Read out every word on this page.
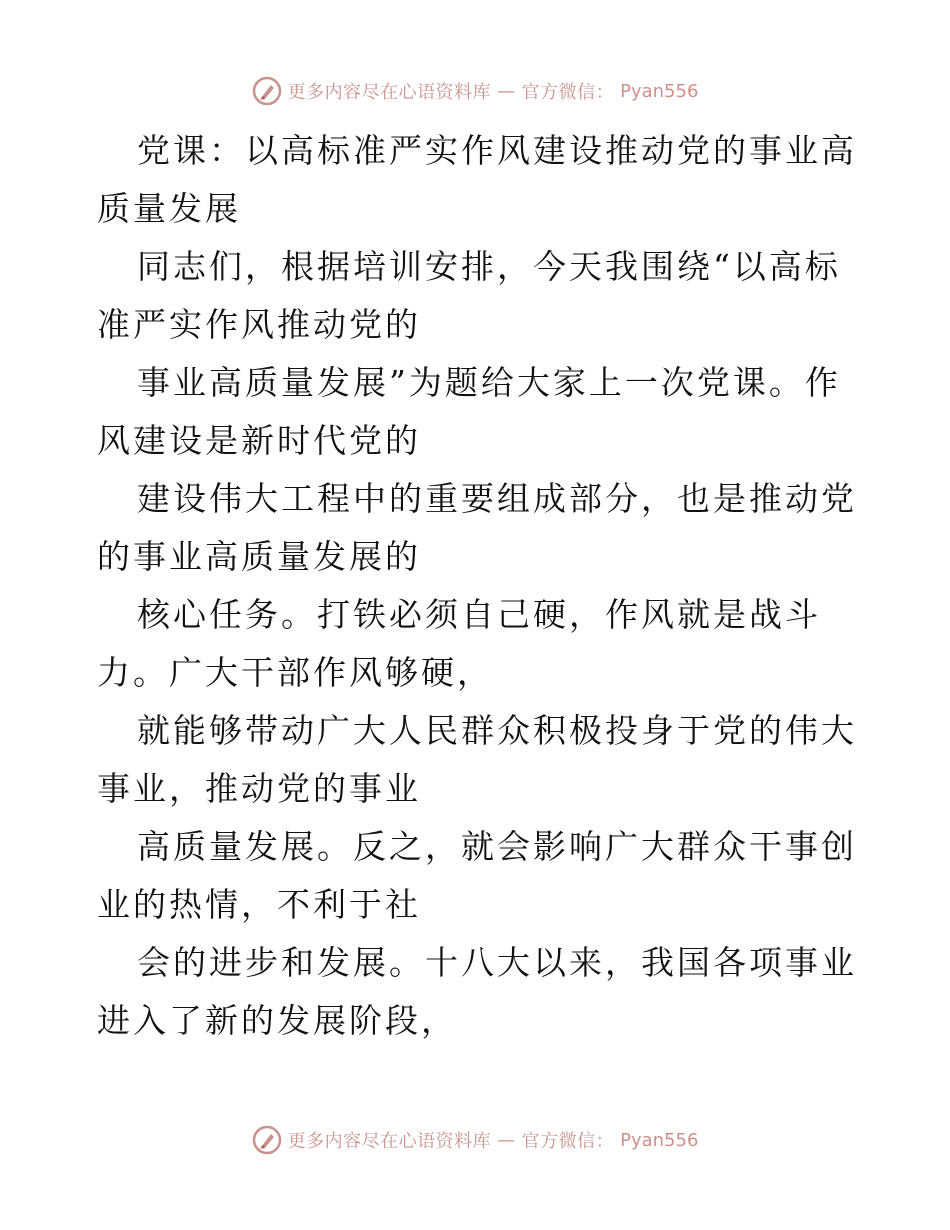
更多内容尽在心语资料库 — 官方微信： Pyan556

党课：以高标准严实作风建设推动党的事业高质量发展

同志们，根据培训安排，今天我围绕“以高标准严实作风推动党的

事业高质量发展”为题给大家上一次党课。作风建设是新时代党的

建设伟大工程中的重要组成部分，也是推动党的事业高质量发展的

核心任务。打铁必须自己硬，作风就是战斗力。广大干部作风够硬，

就能够带动广大人民群众积极投身于党的伟大事业，推动党的事业

高质量发展。反之，就会影响广大群众干事创业的热情，不利于社

会的进步和发展。十八大以来，我国各项事业进入了新的发展阶段，

更多内容尽在心语资料库 — 官方微信： Pyan556
